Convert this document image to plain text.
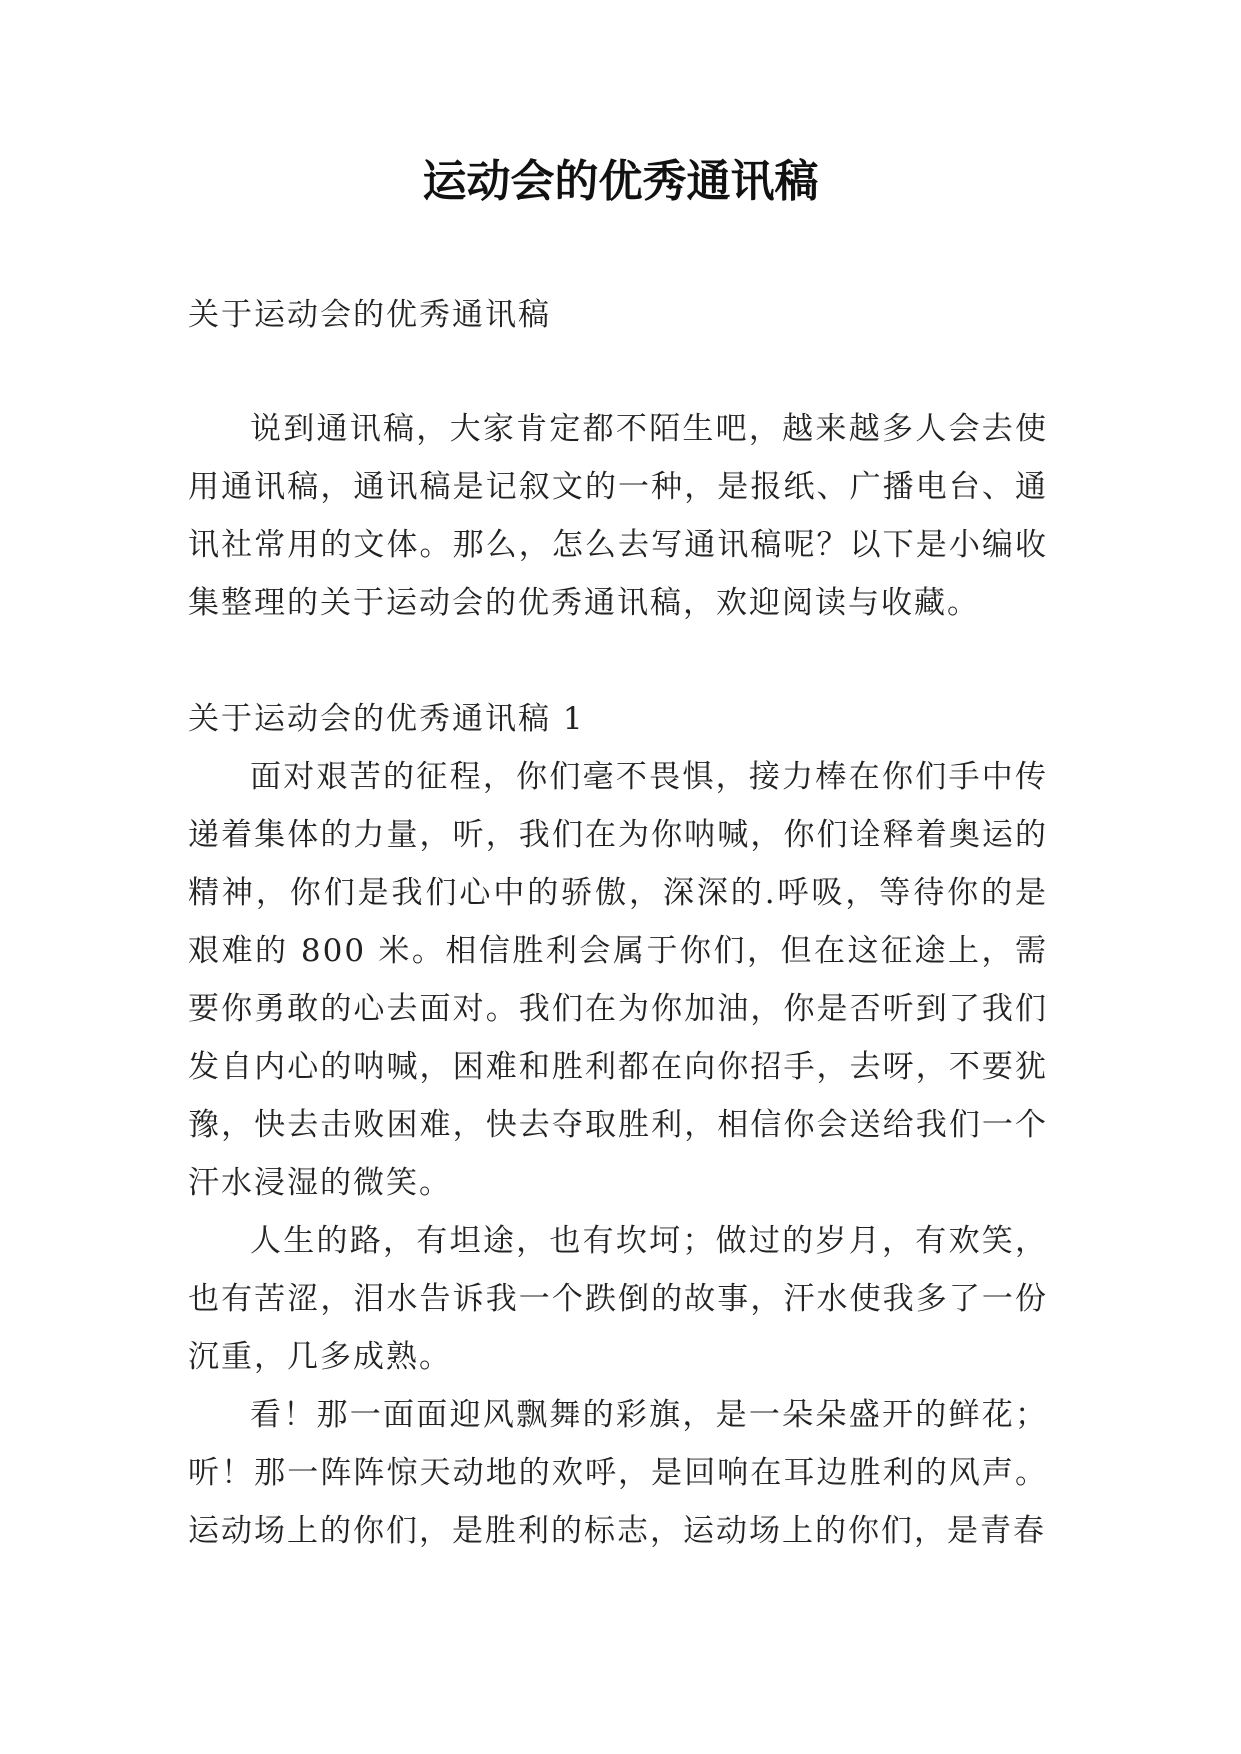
运动会的优秀通讯稿

关于运动会的优秀通讯稿

说到通讯稿，大家肯定都不陌生吧，越来越多人会去使用通讯稿，通讯稿是记叙文的一种，是报纸、广播电台、通讯社常用的文体。那么，怎么去写通讯稿呢？以下是小编收集整理的关于运动会的优秀通讯稿，欢迎阅读与收藏。

关于运动会的优秀通讯稿 1

面对艰苦的征程，你们毫不畏惧，接力棒在你们手中传递着集体的力量，听，我们在为你呐喊，你们诠释着奥运的精神，你们是我们心中的骄傲，深深的.呼吸，等待你的是艰难的 800 米。相信胜利会属于你们，但在这征途上，需要你勇敢的心去面对。我们在为你加油，你是否听到了我们发自内心的呐喊，困难和胜利都在向你招手，去呀，不要犹豫，快去击败困难，快去夺取胜利，相信你会送给我们一个汗水浸湿的微笑。

人生的路，有坦途，也有坎坷；做过的岁月，有欢笑，也有苦涩，泪水告诉我一个跌倒的故事，汗水使我多了一份沉重，几多成熟。

看！那一面面迎风飘舞的彩旗，是一朵朵盛开的鲜花；听！那一阵阵惊天动地的欢呼，是回响在耳边胜利的风声。运动场上的你们，是胜利的标志，运动场上的你们，是青春
